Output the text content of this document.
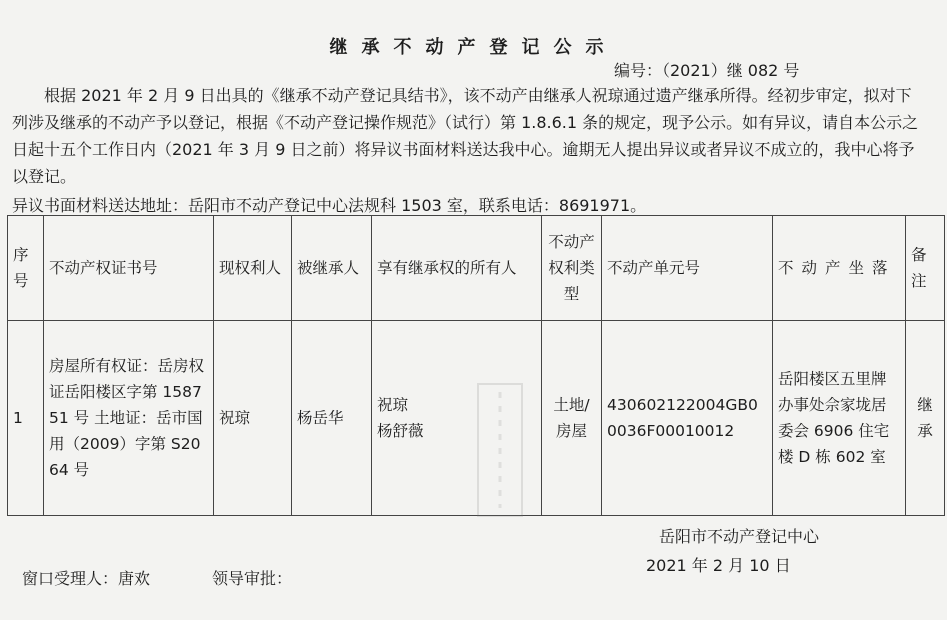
继承不动产登记公示
编号：（2021）继 082 号

根据 2021 年 2 月 9 日出具的《继承不动产登记具结书》，该不动产由继承人祝琼通过遗产继承所得。经初步审定，拟对下列涉及继承的不动产予以登记，根据《不动产登记操作规范》（试行）第 1.8.6.1 条的规定，现予公示。如有异议，请自本公示之日起十五个工作日内（2021 年 3 月 9 日之前）将异议书面材料送达我中心。逾期无人提出异议或者异议不成立的，我中心将予以登记。

异议书面材料送达地址：岳阳市不动产登记中心法规科 1503 室，联系电话：8691971。
序号	不动产权证书号	现权利人	被继承人	享有继承权的所有人	不动产权利类型	不动产单元号	不动产坐落	备注
1	房屋所有权证：岳房权证岳阳楼区字第 158751 号 土地证：岳市国用（2009）字第 S2064 号	祝琼	杨岳华	祝琼
杨舒薇	土地/房屋	430602122004GB00036F00010012	岳阳楼区五里牌办事处佘家垅居委会 6906 住宅楼 D 栋 602 室	继承
岳阳市不动产登记中心
2021 年 2 月 10 日
窗口受理人：唐欢	领导审批：
